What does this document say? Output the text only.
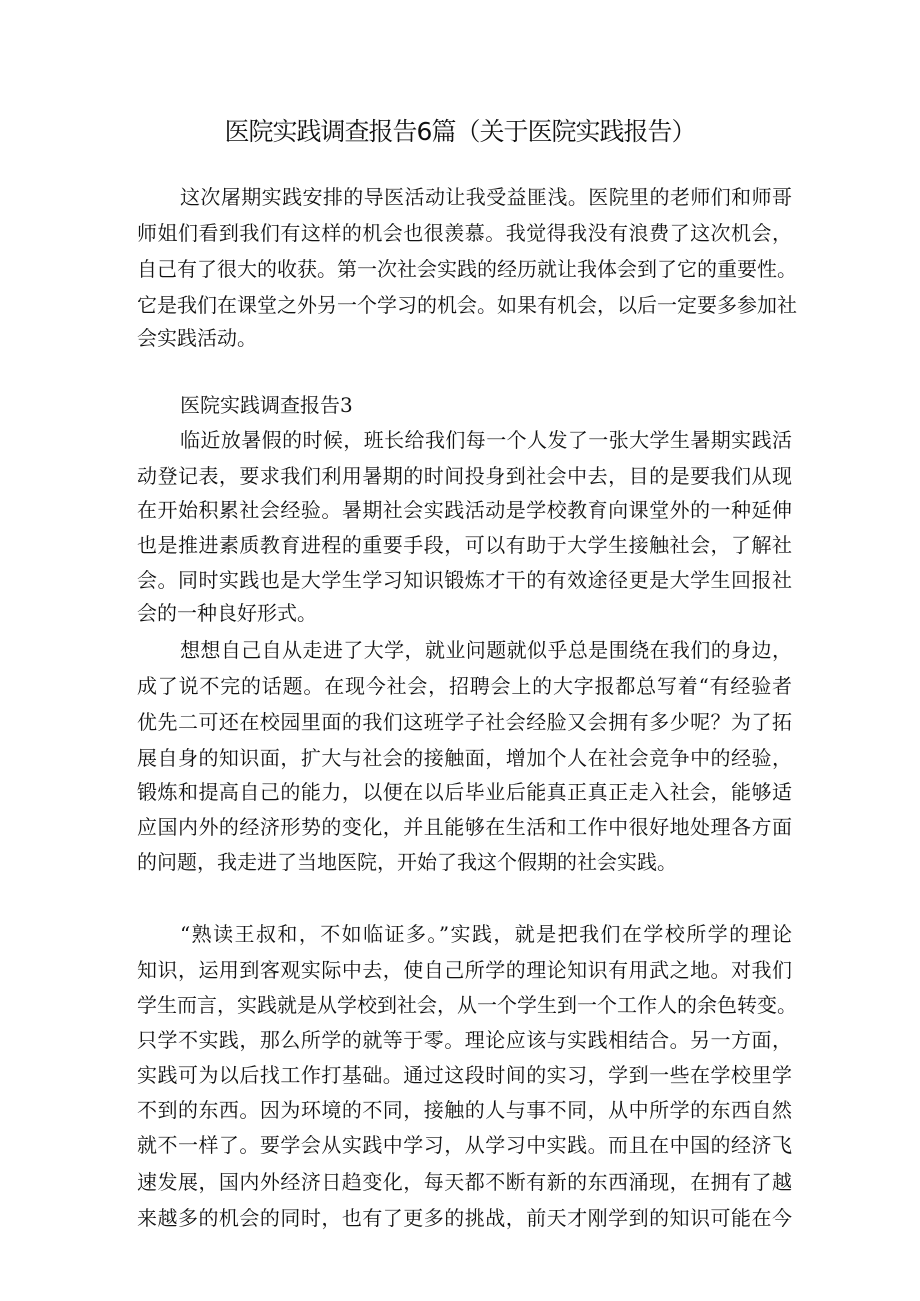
医院实践调查报告6篇（关于医院实践报告）
这次屠期实践安排的导医活动让我受益匪浅。医院里的老师们和师哥
师姐们看到我们有这样的机会也很羡慕。我觉得我没有浪费了这次机会，
自己有了很大的收获。第一次社会实践的经历就让我体会到了它的重要性。
它是我们在课堂之外另一个学习的机会。如果有机会，以后一定要多参加社
会实践活动。
医院实践调查报告3
临近放暑假的时候，班长给我们每一个人发了一张大学生暑期实践活
动登记表，要求我们利用暑期的时间投身到社会中去，目的是要我们从现
在开始积累社会经验。暑期社会实践活动是学校教育向课堂外的一种延伸
也是推进素质教育进程的重要手段，可以有助于大学生接触社会，了解社
会。同时实践也是大学生学习知识锻炼才干的有效途径更是大学生回报社
会的一种良好形式。
想想自己自从走进了大学，就业问题就似乎总是围绕在我们的身边，
成了说不完的话题。在现今社会，招聘会上的大字报都总写着“有经验者
优先二可还在校园里面的我们这班学子社会经脸又会拥有多少呢？为了拓
展自身的知识面，扩大与社会的接触面，增加个人在社会竞争中的经验，
锻炼和提高自己的能力，以便在以后毕业后能真正真正走入社会，能够适
应国内外的经济形势的变化，并且能够在生活和工作中很好地处理各方面
的问题，我走进了当地医院，开始了我这个假期的社会实践。
“熟读王叔和，不如临证多。”实践，就是把我们在学校所学的理论
知识，运用到客观实际中去，使自己所学的理论知识有用武之地。对我们
学生而言，实践就是从学校到社会，从一个学生到一个工作人的余色转变。
只学不实践，那么所学的就等于零。理论应该与实践相结合。另一方面，
实践可为以后找工作打基础。通过这段时间的实习，学到一些在学校里学
不到的东西。因为环境的不同，接触的人与事不同，从中所学的东西自然
就不一样了。要学会从实践中学习，从学习中实践。而且在中国的经济飞
速发展，国内外经济日趋变化，每天都不断有新的东西涌现，在拥有了越
来越多的机会的同时，也有了更多的挑战，前天才刚学到的知识可能在今
